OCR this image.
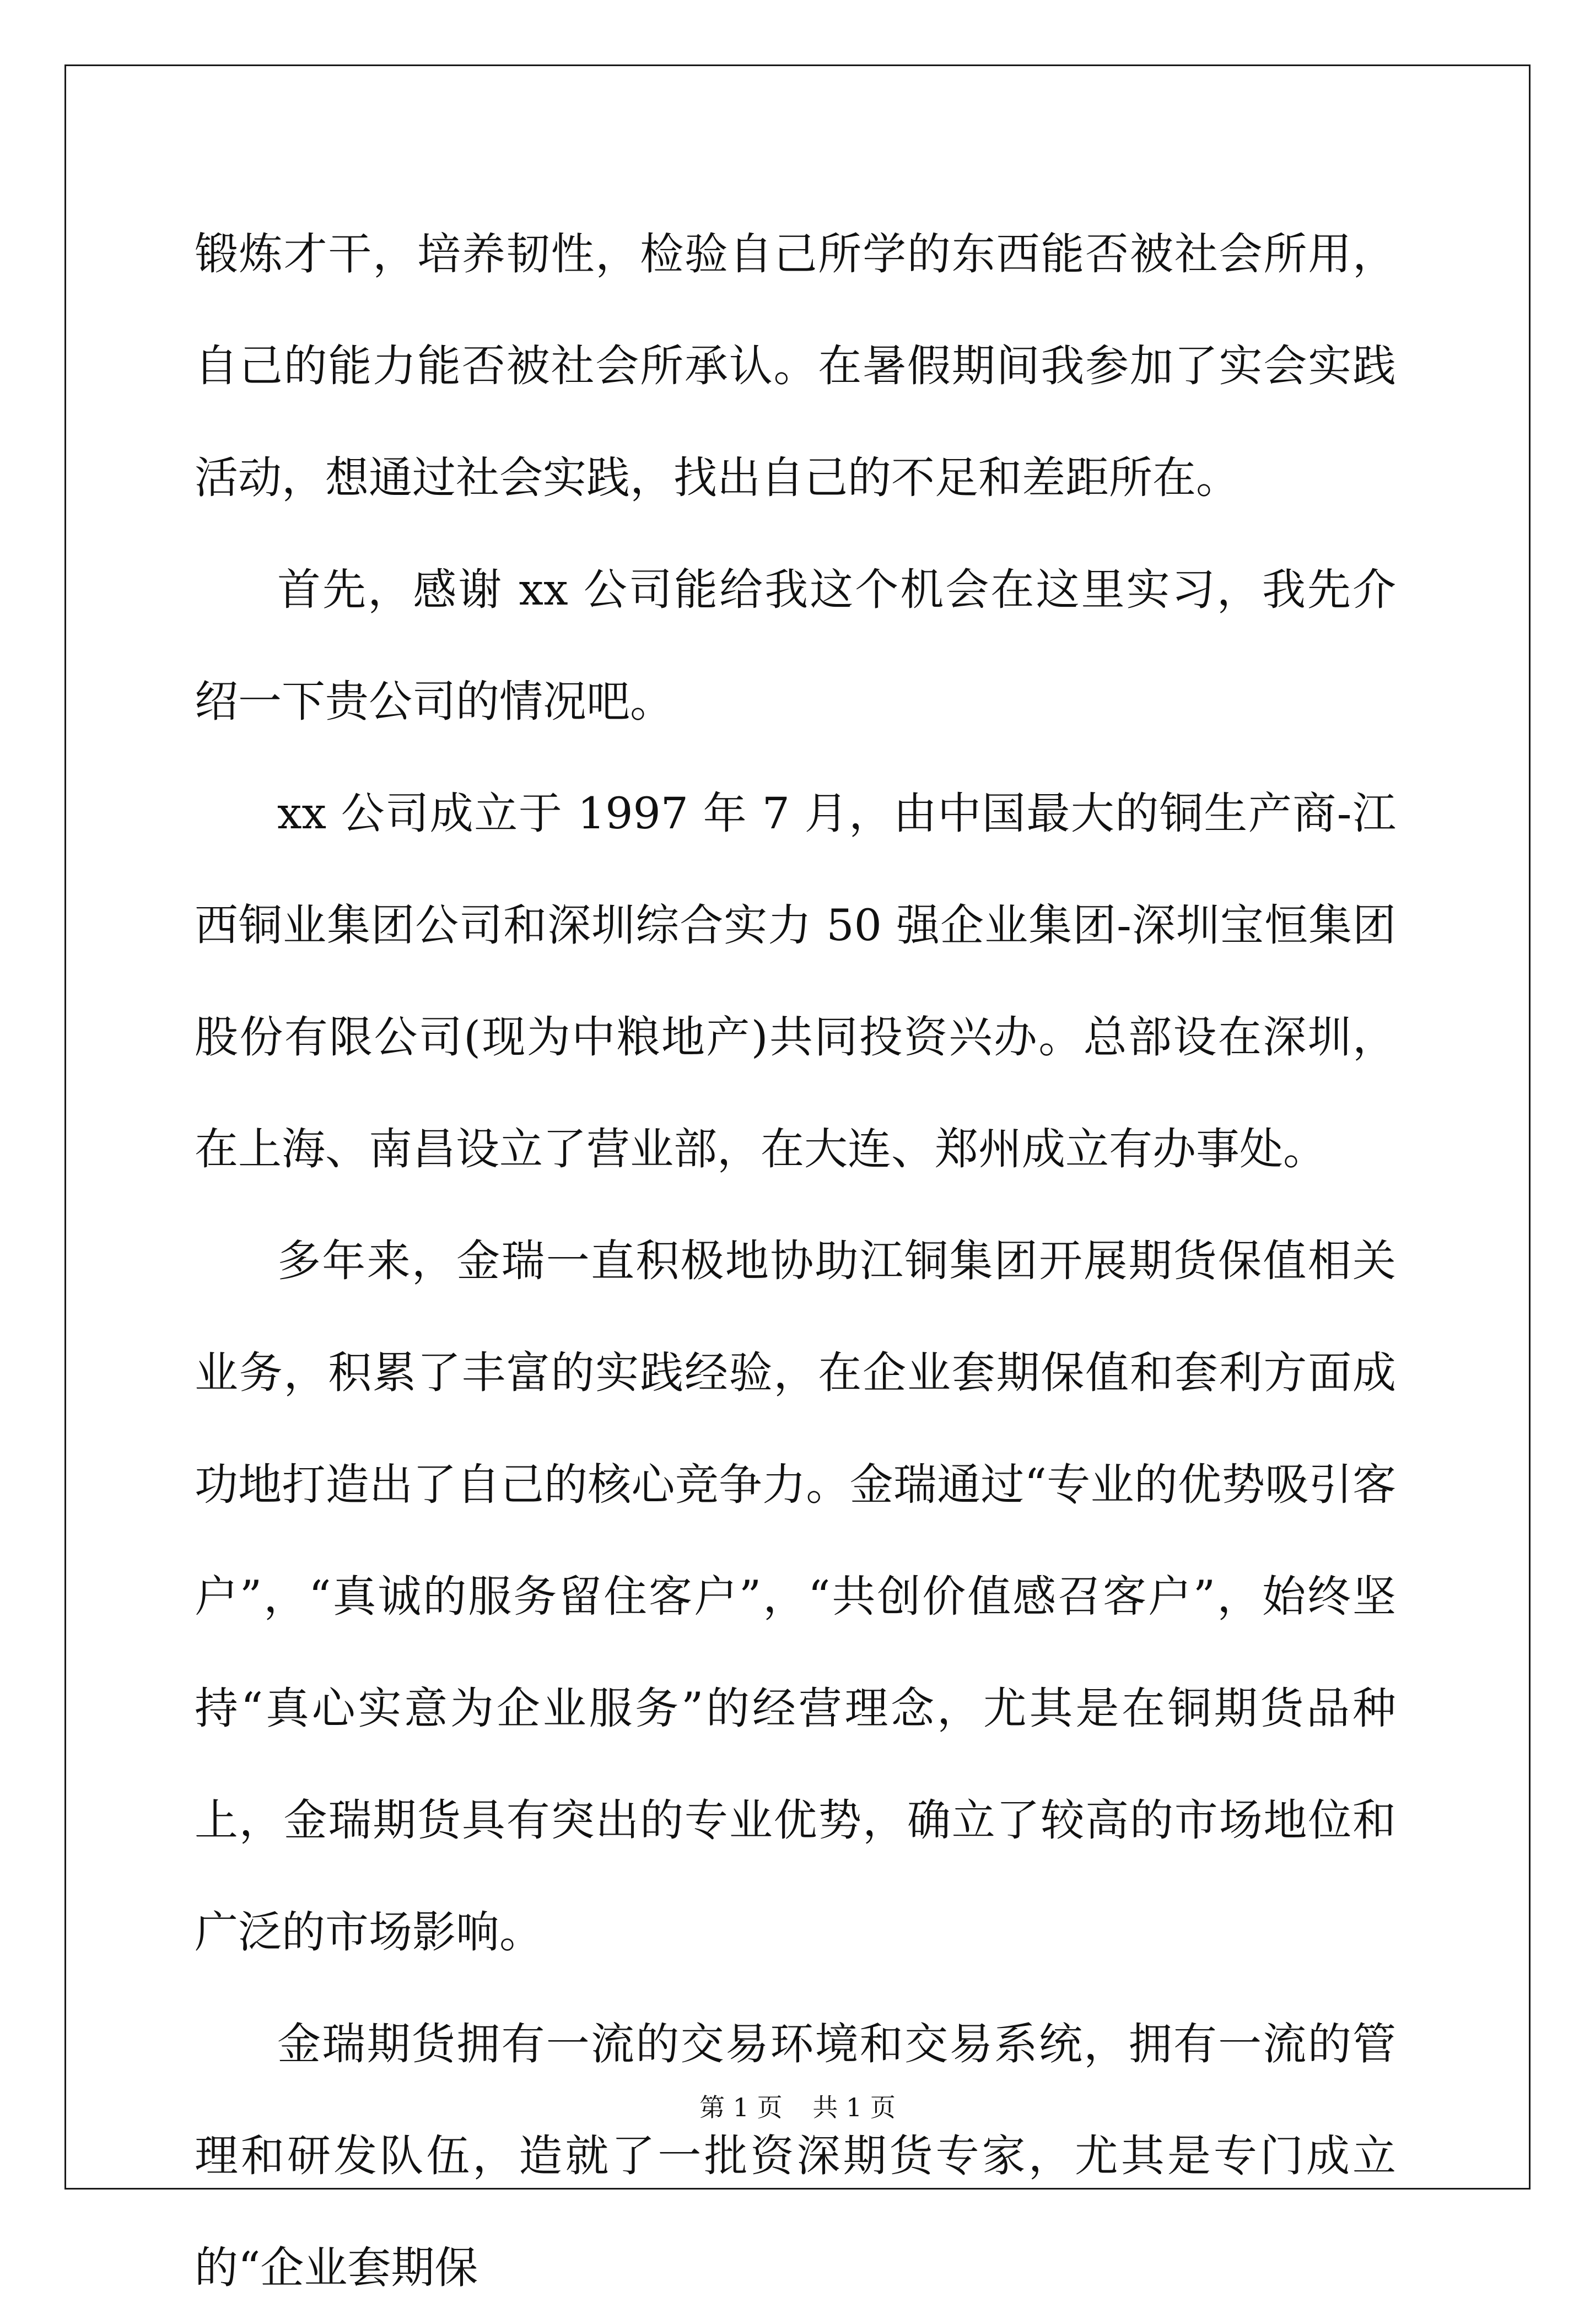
锻炼才干，培养韧性，检验自己所学的东西能否被社会所用，自己的能力能否被社会所承认。在暑假期间我参加了实会实践活动，想通过社会实践，找出自己的不足和差距所在。

首先，感谢 xx 公司能给我这个机会在这里实习，我先介绍一下贵公司的情况吧。

xx 公司成立于 1997 年 7 月，由中国最大的铜生产商-江西铜业集团公司和深圳综合实力 50 强企业集团-深圳宝恒集团股份有限公司(现为中粮地产)共同投资兴办。总部设在深圳，在上海、南昌设立了营业部，在大连、郑州成立有办事处。

多年来，金瑞一直积极地协助江铜集团开展期货保值相关业务，积累了丰富的实践经验，在企业套期保值和套利方面成功地打造出了自己的核心竞争力。金瑞通过“专业的优势吸引客户”，“真诚的服务留住客户”，“共创价值感召客户”，始终坚持“真心实意为企业服务”的经营理念，尤其是在铜期货品种上，金瑞期货具有突出的专业优势，确立了较高的市场地位和广泛的市场影响。

金瑞期货拥有一流的交易环境和交易系统，拥有一流的管理和研发队伍，造就了一批资深期货专家，尤其是专门成立的“企业套期保

第 1 页 共 1 页
